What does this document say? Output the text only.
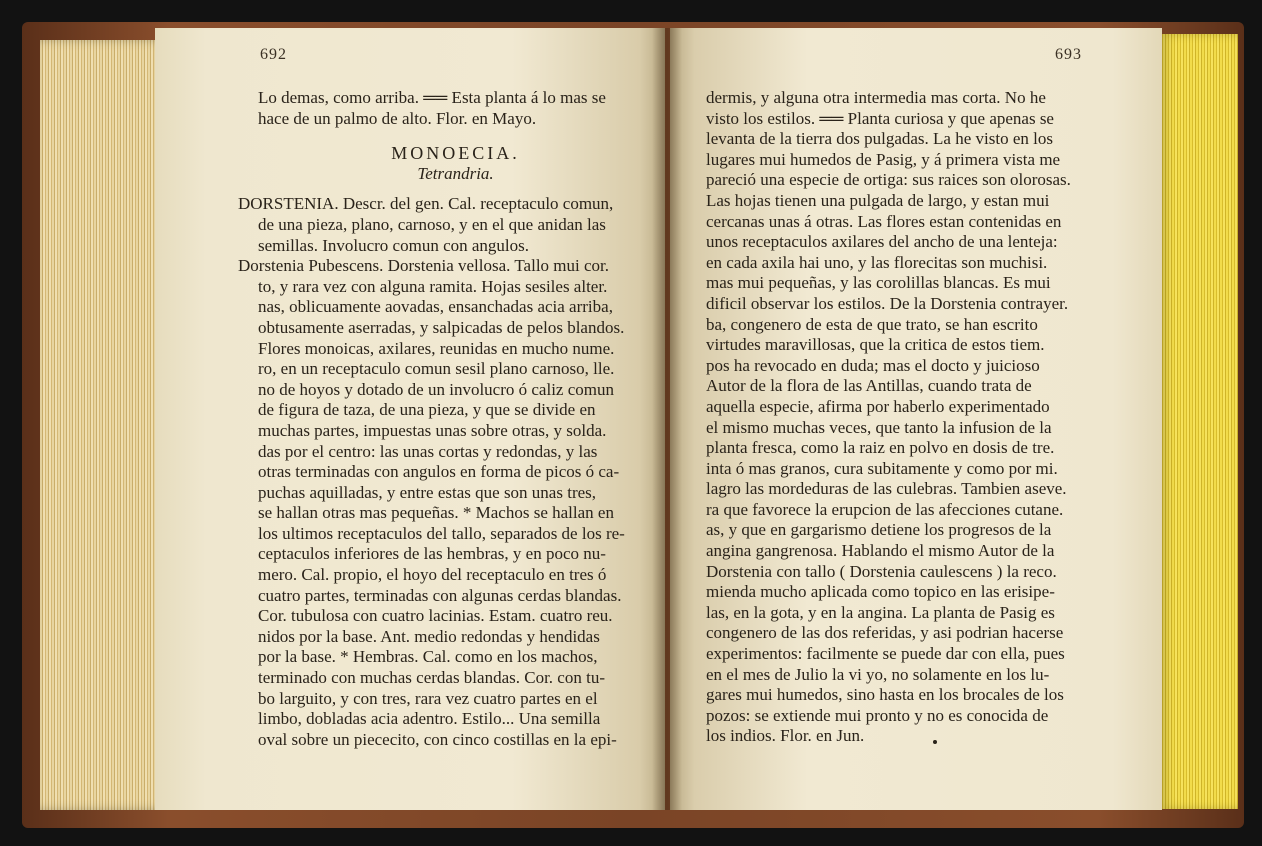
692	693
Lo demas, como arriba. ══ Esta planta á lo mas se
hace de un palmo de alto. Flor. en Mayo.
MONOECIA.
Tetrandria.
DORSTENIA. Descr. del gen. Cal. receptaculo comun,
de una pieza, plano, carnoso, y en el que anidan las
semillas. Involucro comun con angulos.
Dorstenia Pubescens. Dorstenia vellosa. Tallo mui cor.
to, y rara vez con alguna ramita. Hojas sesiles alter.
nas, oblicuamente aovadas, ensanchadas acia arriba,
obtusamente aserradas, y salpicadas de pelos blandos.
Flores monoicas, axilares, reunidas en mucho nume.
ro, en un receptaculo comun sesil plano carnoso, lle.
no de hoyos y dotado de un involucro ó caliz comun
de figura de taza, de una pieza, y que se divide en
muchas partes, impuestas unas sobre otras, y solda.
das por el centro: las unas cortas y redondas, y las
otras terminadas con angulos en forma de picos ó ca-
puchas aquilladas, y entre estas que son unas tres,
se hallan otras mas pequeñas. * Machos se hallan en
los ultimos receptaculos del tallo, separados de los re-
ceptaculos inferiores de las hembras, y en poco nu-
mero. Cal. propio, el hoyo del receptaculo en tres ó
cuatro partes, terminadas con algunas cerdas blandas.
Cor. tubulosa con cuatro lacinias. Estam. cuatro reu.
nidos por la base. Ant. medio redondas y hendidas
por la base. * Hembras. Cal. como en los machos,
terminado con muchas cerdas blandas. Cor. con tu-
bo larguito, y con tres, rara vez cuatro partes en el
limbo, dobladas acia adentro. Estilo... Una semilla
oval sobre un piececito, con cinco costillas en la epi-
dermis, y alguna otra intermedia mas corta. No he
visto los estilos. ══ Planta curiosa y que apenas se
levanta de la tierra dos pulgadas. La he visto en los
lugares mui humedos de Pasig, y á primera vista me
pareció una especie de ortiga: sus raices son olorosas.
Las hojas tienen una pulgada de largo, y estan mui
cercanas unas á otras. Las flores estan contenidas en
unos receptaculos axilares del ancho de una lenteja:
en cada axila hai uno, y las florecitas son muchisi.
mas mui pequeñas, y las corolillas blancas. Es mui
dificil observar los estilos. De la Dorstenia contrayer.
ba, congenero de esta de que trato, se han escrito
virtudes maravillosas, que la critica de estos tiem.
pos ha revocado en duda; mas el docto y juicioso
Autor de la flora de las Antillas, cuando trata de
aquella especie, afirma por haberlo experimentado
el mismo muchas veces, que tanto la infusion de la
planta fresca, como la raiz en polvo en dosis de tre.
inta ó mas granos, cura subitamente y como por mi.
lagro las mordeduras de las culebras. Tambien aseve.
ra que favorece la erupcion de las afecciones cutane.
as, y que en gargarismo detiene los progresos de la
angina gangrenosa. Hablando el mismo Autor de la
Dorstenia con tallo ( Dorstenia caulescens ) la reco.
mienda mucho aplicada como topico en las erisipe-
las, en la gota, y en la angina. La planta de Pasig es
congenero de las dos referidas, y asi podrian hacerse
experimentos: facilmente se puede dar con ella, pues
en el mes de Julio la vi yo, no solamente en los lu-
gares mui humedos, sino hasta en los brocales de los
pozos: se extiende mui pronto y no es conocida de
los indios. Flor. en Jun.
